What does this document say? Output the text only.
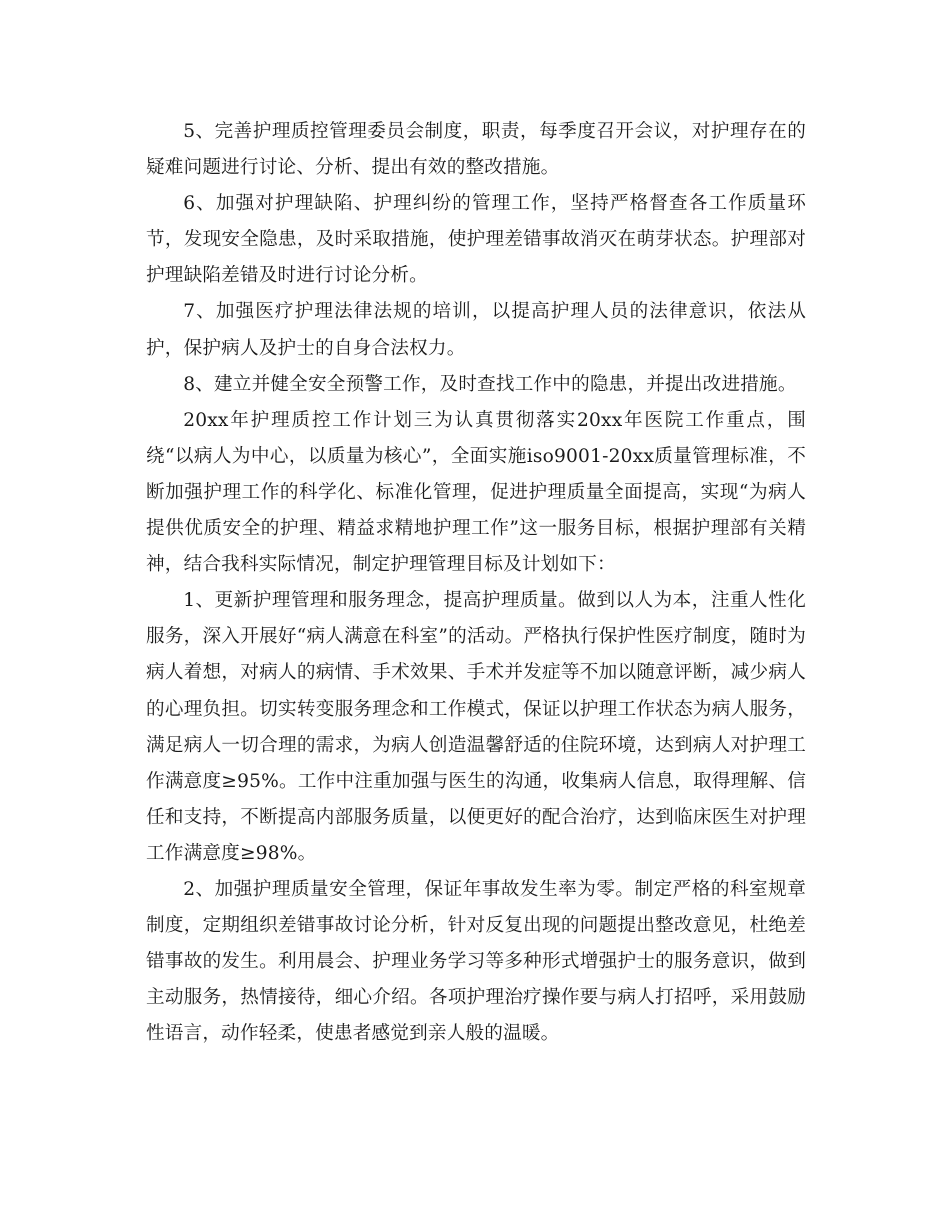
5、完善护理质控管理委员会制度，职责，每季度召开会议，对护理存在的疑难问题进行讨论、分析、提出有效的整改措施。

6、加强对护理缺陷、护理纠纷的管理工作，坚持严格督查各工作质量环节，发现安全隐患，及时采取措施，使护理差错事故消灭在萌芽状态。护理部对护理缺陷差错及时进行讨论分析。

7、加强医疗护理法律法规的培训，以提高护理人员的法律意识，依法从护，保护病人及护士的自身合法权力。

8、建立并健全安全预警工作，及时查找工作中的隐患，并提出改进措施。

20xx年护理质控工作计划三为认真贯彻落实20xx年医院工作重点，围绕“以病人为中心，以质量为核心”，全面实施iso9001-20xx质量管理标准，不断加强护理工作的科学化、标准化管理，促进护理质量全面提高，实现“为病人提供优质安全的护理、精益求精地护理工作”这一服务目标，根据护理部有关精神，结合我科实际情况，制定护理管理目标及计划如下：

1、更新护理管理和服务理念，提高护理质量。做到以人为本，注重人性化服务，深入开展好“病人满意在科室”的活动。严格执行保护性医疗制度，随时为病人着想，对病人的病情、手术效果、手术并发症等不加以随意评断，减少病人的心理负担。切实转变服务理念和工作模式，保证以护理工作状态为病人服务，满足病人一切合理的需求，为病人创造温馨舒适的住院环境，达到病人对护理工作满意度≥95%。工作中注重加强与医生的沟通，收集病人信息，取得理解、信任和支持，不断提高内部服务质量，以便更好的配合治疗，达到临床医生对护理工作满意度≥98%。

2、加强护理质量安全管理，保证年事故发生率为零。制定严格的科室规章制度，定期组织差错事故讨论分析，针对反复出现的问题提出整改意见，杜绝差错事故的发生。利用晨会、护理业务学习等多种形式增强护士的服务意识，做到主动服务，热情接待，细心介绍。各项护理治疗操作要与病人打招呼，采用鼓励性语言，动作轻柔，使患者感觉到亲人般的温暖。
